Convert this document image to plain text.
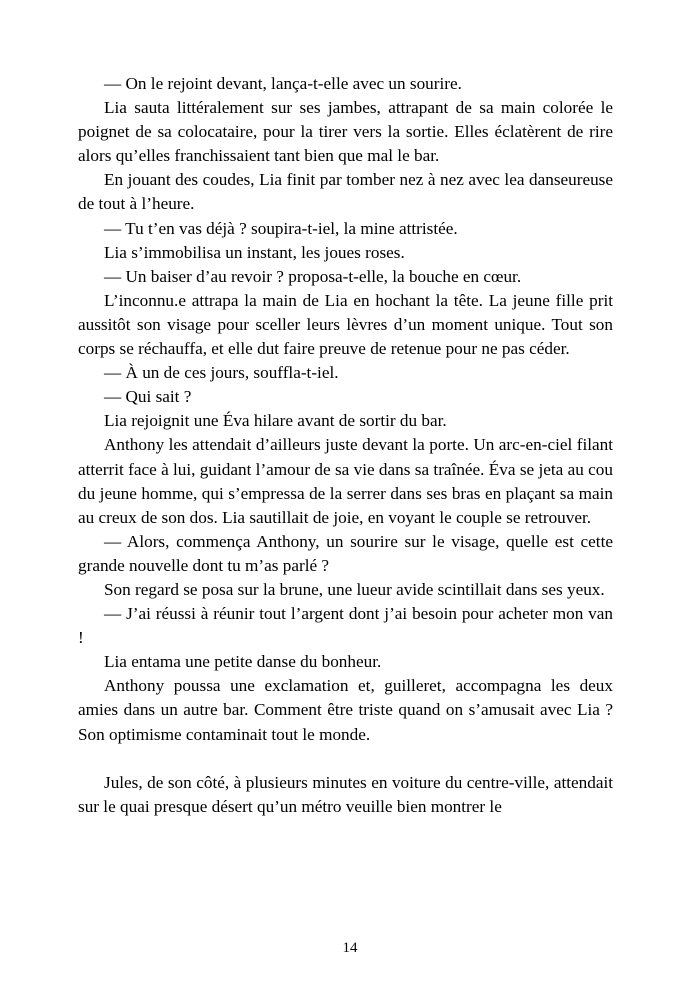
— On le rejoint devant, lança-t-elle avec un sourire.

Lia sauta littéralement sur ses jambes, attrapant de sa main colorée le poignet de sa colocataire, pour la tirer vers la sortie. Elles éclatèrent de rire alors qu’elles franchissaient tant bien que mal le bar.

En jouant des coudes, Lia finit par tomber nez à nez avec lea danseureuse de tout à l’heure.

— Tu t’en vas déjà ? soupira-t-iel, la mine attristée.

Lia s’immobilisa un instant, les joues roses.

— Un baiser d’au revoir ? proposa-t-elle, la bouche en cœur.

L’inconnu.e attrapa la main de Lia en hochant la tête. La jeune fille prit aussitôt son visage pour sceller leurs lèvres d’un moment unique. Tout son corps se réchauffa, et elle dut faire preuve de retenue pour ne pas céder.

— À un de ces jours, souffla-t-iel.

— Qui sait ?

Lia rejoignit une Éva hilare avant de sortir du bar.

Anthony les attendait d’ailleurs juste devant la porte. Un arc-en-ciel filant atterrit face à lui, guidant l’amour de sa vie dans sa traînée. Éva se jeta au cou du jeune homme, qui s’empressa de la serrer dans ses bras en plaçant sa main au creux de son dos. Lia sautillait de joie, en voyant le couple se retrouver.

— Alors, commença Anthony, un sourire sur le visage, quelle est cette grande nouvelle dont tu m’as parlé ?

Son regard se posa sur la brune, une lueur avide scintillait dans ses yeux.

— J’ai réussi à réunir tout l’argent dont j’ai besoin pour acheter mon van !

Lia entama une petite danse du bonheur.

Anthony poussa une exclamation et, guilleret, accompagna les deux amies dans un autre bar. Comment être triste quand on s’amusait avec Lia ? Son optimisme contaminait tout le monde.

Jules, de son côté, à plusieurs minutes en voiture du centre-ville, attendait sur le quai presque désert qu’un métro veuille bien montrer le

14
